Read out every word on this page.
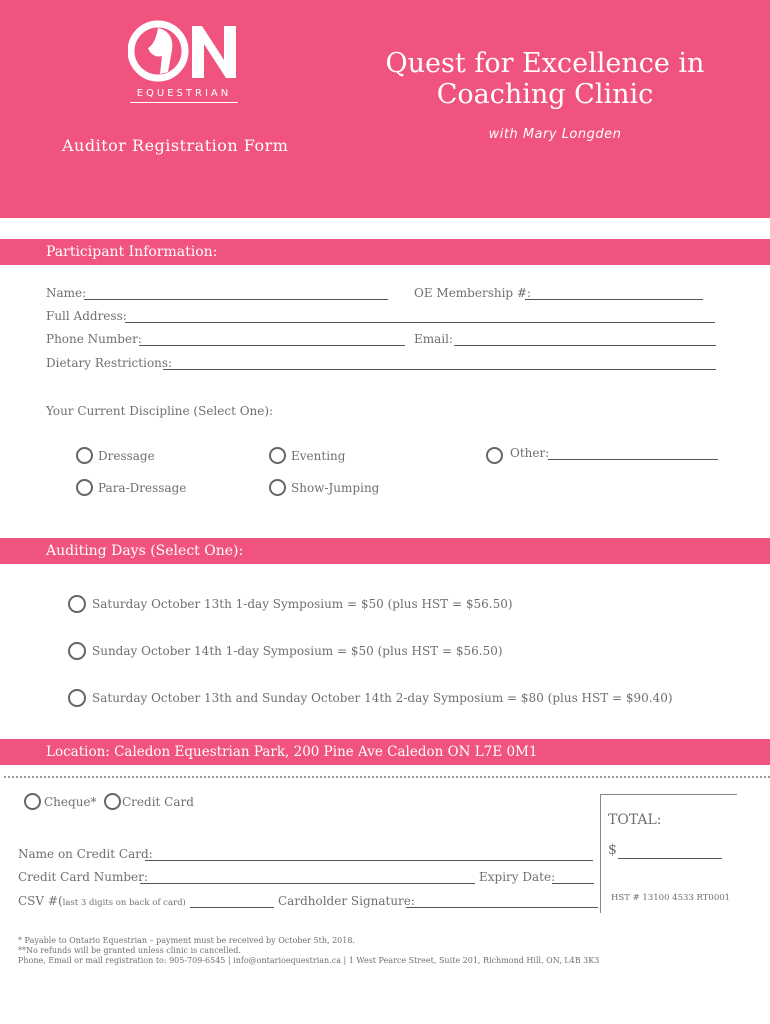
EQUESTRIAN
Quest for Excellence in
Coaching Clinic
with Mary Longden
Auditor Registration Form
Participant Information:
Name:	OE Membership #:
Full Address:
Phone Number:	Email:
Dietary Restrictions:
Your Current Discipline (Select One):
Dressage
Para-Dressage
Eventing
Show-Jumping
Other:
Auditing Days (Select One):
Saturday October 13th 1-day Symposium = $50 (plus HST = $56.50)
Sunday October 14th 1-day Symposium = $50 (plus HST = $56.50)
Saturday October 13th and Sunday October 14th 2-day Symposium = $80 (plus HST = $90.40)
Location: Caledon Equestrian Park, 200 Pine Ave Caledon ON L7E 0M1
Cheque* Credit Card
Name on Credit Card:
Credit Card Number:	Expiry Date:
CSV #(last 3 digits on back of card)	Cardholder Signature:
TOTAL:
$
HST # 13100 4533 RT0001
* Payable to Ontario Equestrian – payment must be received by October 5th, 2018.
**No refunds will be granted unless clinic is cancelled.
Phone, Email or mail registration to: 905-709-6545 | info@ontarioequestrian.ca | 1 West Pearce Street, Suite 201, Richmond Hill, ON, L4B 3K3
